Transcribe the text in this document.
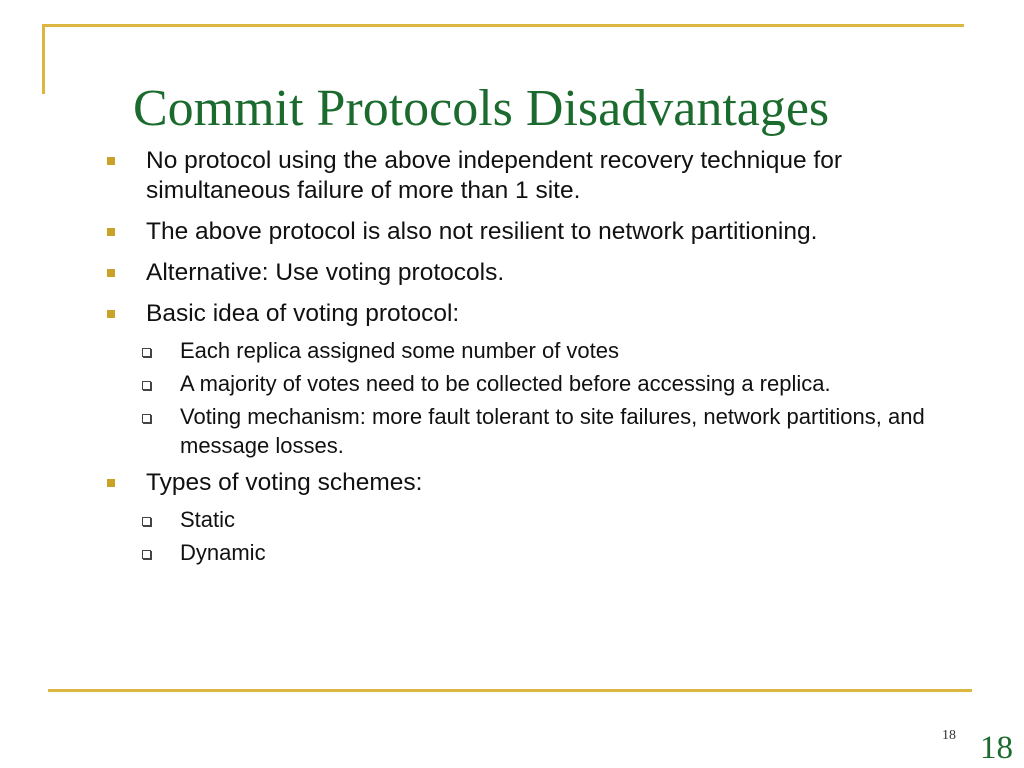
Commit Protocols Disadvantages
No protocol using the above independent recovery technique for simultaneous failure of more than 1 site.
The above protocol is also not resilient to network partitioning.
Alternative: Use voting protocols.
Basic idea of voting protocol:
Each replica assigned some number of votes
A majority of votes need to be collected before accessing a replica.
Voting mechanism: more fault tolerant to site failures, network partitions, and message losses.
Types of voting schemes:
Static
Dynamic
18 18
